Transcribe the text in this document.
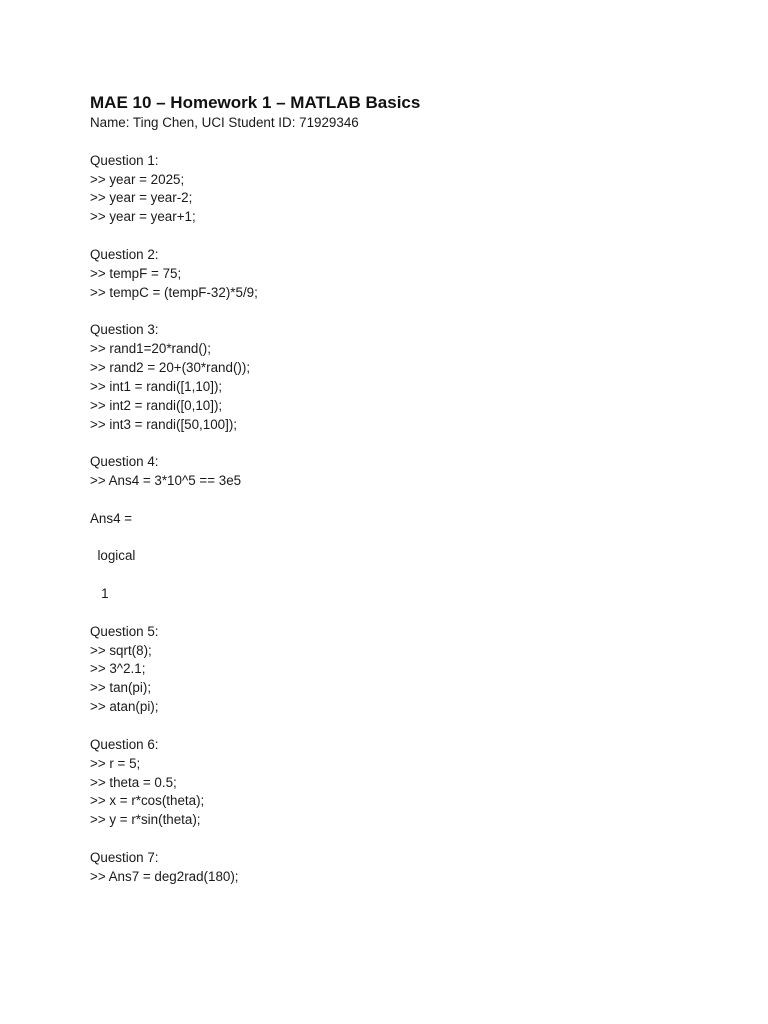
MAE 10 – Homework 1 – MATLAB Basics
Name: Ting Chen, UCI Student ID: 71929346
Question 1:
>> year = 2025;
>> year = year-2;
>> year = year+1;
Question 2:
>> tempF = 75;
>> tempC = (tempF-32)*5/9;
Question 3:
>> rand1=20*rand();
>> rand2 = 20+(30*rand());
>> int1 = randi([1,10]);
>> int2 = randi([0,10]);
>> int3 = randi([50,100]);
Question 4:
>> Ans4 = 3*10^5 == 3e5
Ans4 =
logical
1
Question 5:
>> sqrt(8);
>> 3^2.1;
>> tan(pi);
>> atan(pi);
Question 6:
>> r = 5;
>> theta = 0.5;
>> x = r*cos(theta);
>> y = r*sin(theta);
Question 7:
>> Ans7 = deg2rad(180);
